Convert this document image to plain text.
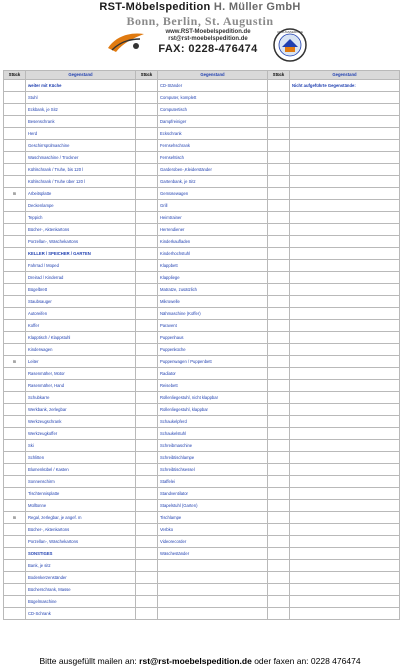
RST-Möbelspedition H. Müller GmbH
Bonn, Berlin, St. Augustin
www.RST-Moebelspedition.de
rst@rst-moebelspedition.de
FAX: 0228-476474
UMZUGSSERVICE
Stück	Gegenstand	Stück	Gegenstand	Stück	Gegenstand
	weiter mit Küche		CD-Ständer		Nicht aufgeführte Gegenstände:
	Stuhl		Computer, komplett		
	Eckbank, je Sitz		Computertisch		
	Besenschrank		Dampfreiniger		
	Herd		Eckschrank		
	Geschirrspülmaschine		Fernsehschrank		
	Waschmaschine / Trockner		Fernsehtisch		
	Kühlschrank / Truhe, bis 120 l		Garderoben-,Kleiderständer		
	Kühlschrank / Truhe über 120 l		Gartenbank, je Sitz		
m	Arbeitsplatte		Gemüsewagen		
	Deckenlampe		Grill		
	Teppich		Heimtrainer		
	Bücher-, Aktenkartons		Herrendiener		
	Porzellan-, Wäschekartons		Kinderkaufladen		
	KELLER / SPEICHER / GARTEN		Kinderhochstuhl		
	Fahrrad / Moped		Klappbett		
	Dreirad / Kinderrad		Klappliege		
	Bügelbrett		Matratze, zusätzlich		
	Staubsauger		Mikrowelle		
	Autoreifen		Nähmaschine (Koffer)		
	Koffer		Paravent		
	Klapptisch / Klappstuhl		Puppenhaus		
	Kinderwagen		Puppenküche		
m	Leiter		Puppenwagen / Puppenbett		
	Rasenmäher, Motor		Radiator		
	Rasenmäher, Hand		Reisebett		
	Schubkarre		Rollenliegestuhl, nicht klappbar		
	Werkbank, zerlegbar		Rollenliegestuhl, klappbar		
	Werkzeugschrank		Schaukelpferd		
	Werkzeugkoffer		Schaukelstuhl		
	Ski		Schreibmaschine		
	Schlitten		Schreibtischlampe		
	Blumenkübel / Kasten		Schreibtischsessel		
	Sonnenschirm		Staffelei		
	Tischtennisplatte		Standventilator		
	Mülltonne		Stapelstuhl (Garten)		
m	Regal, zerlegbar, je angef. m		Tischlampe		
	Bücher-, Aktenkartons		Verbko		
	Porzellan-, Wäschekartons		Videorecorder		
	SONSTIGES		Wäscheständer		
	Bank, je sitz				
	Bodenkerzenständer				
	Bücherschrank, Masse				
	Bügelmaschine				
	CD-Schrank				
Bitte ausgefüllt mailen an: rst@rst-moebelspedition.de oder faxen an: 0228 476474
